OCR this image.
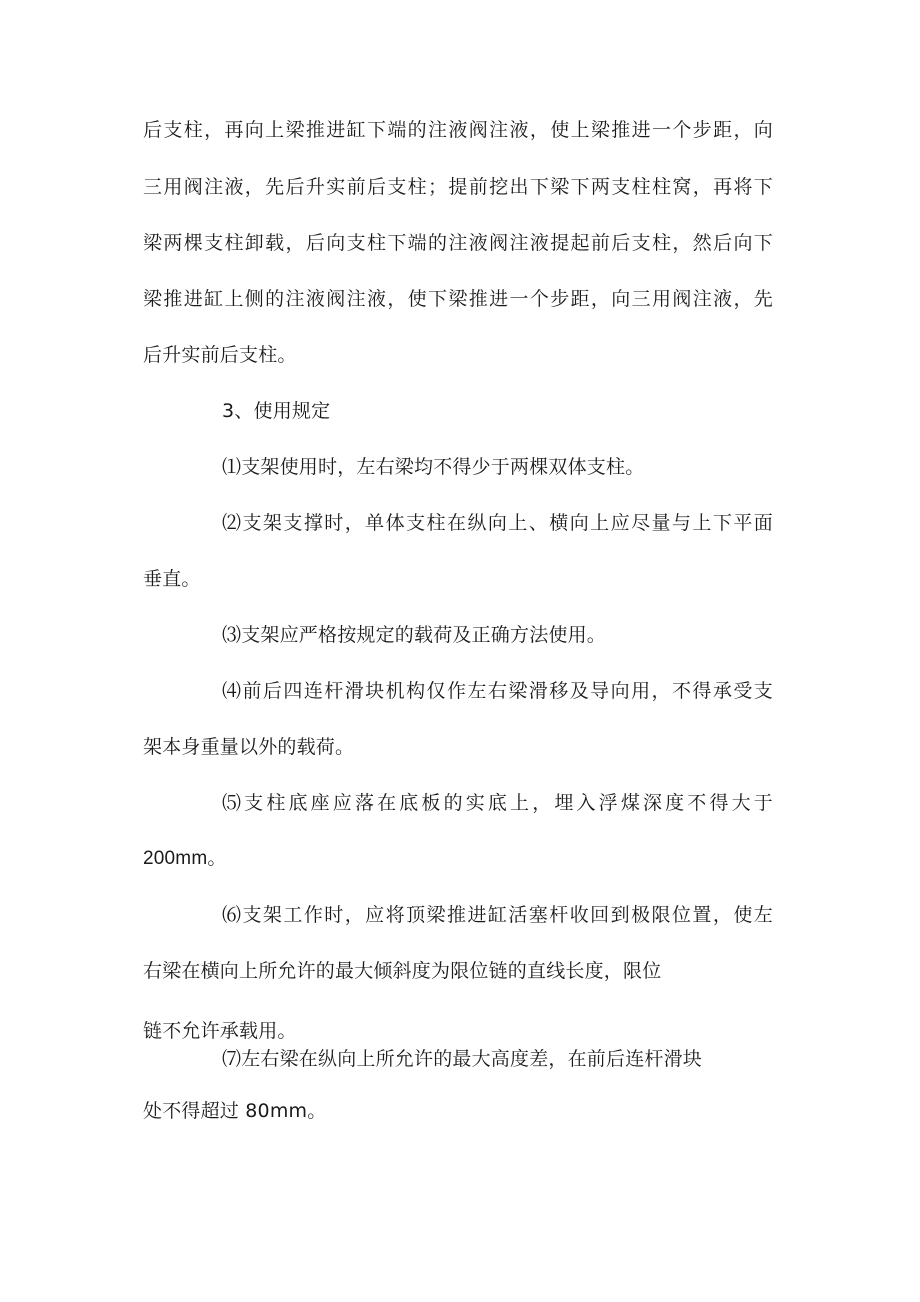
后支柱，再向上梁推进缸下端的注液阀注液，使上梁推进一个步距，向
三用阀注液，先后升实前后支柱；提前挖出下梁下两支柱柱窝，再将下
梁两棵支柱卸载，后向支柱下端的注液阀注液提起前后支柱，然后向下
梁推进缸上侧的注液阀注液，使下梁推进一个步距，向三用阀注液，先
后升实前后支柱。
3、使用规定
⑴支架使用时，左右梁均不得少于两棵双体支柱。
⑵支架支撑时，单体支柱在纵向上、横向上应尽量与上下平面
垂直。
⑶支架应严格按规定的载荷及正确方法使用。
⑷前后四连杆滑块机构仅作左右梁滑移及导向用，不得承受支
架本身重量以外的载荷。
⑸支柱底座应落在底板的实底上，埋入浮煤深度不得大于
200mm。
⑹支架工作时，应将顶梁推进缸活塞杆收回到极限位置，使左
右梁在横向上所允许的最大倾斜度为限位链的直线长度，限位
链不允许承载用。
⑺左右梁在纵向上所允许的最大高度差，在前后连杆滑块
处不得超过 80mm。
